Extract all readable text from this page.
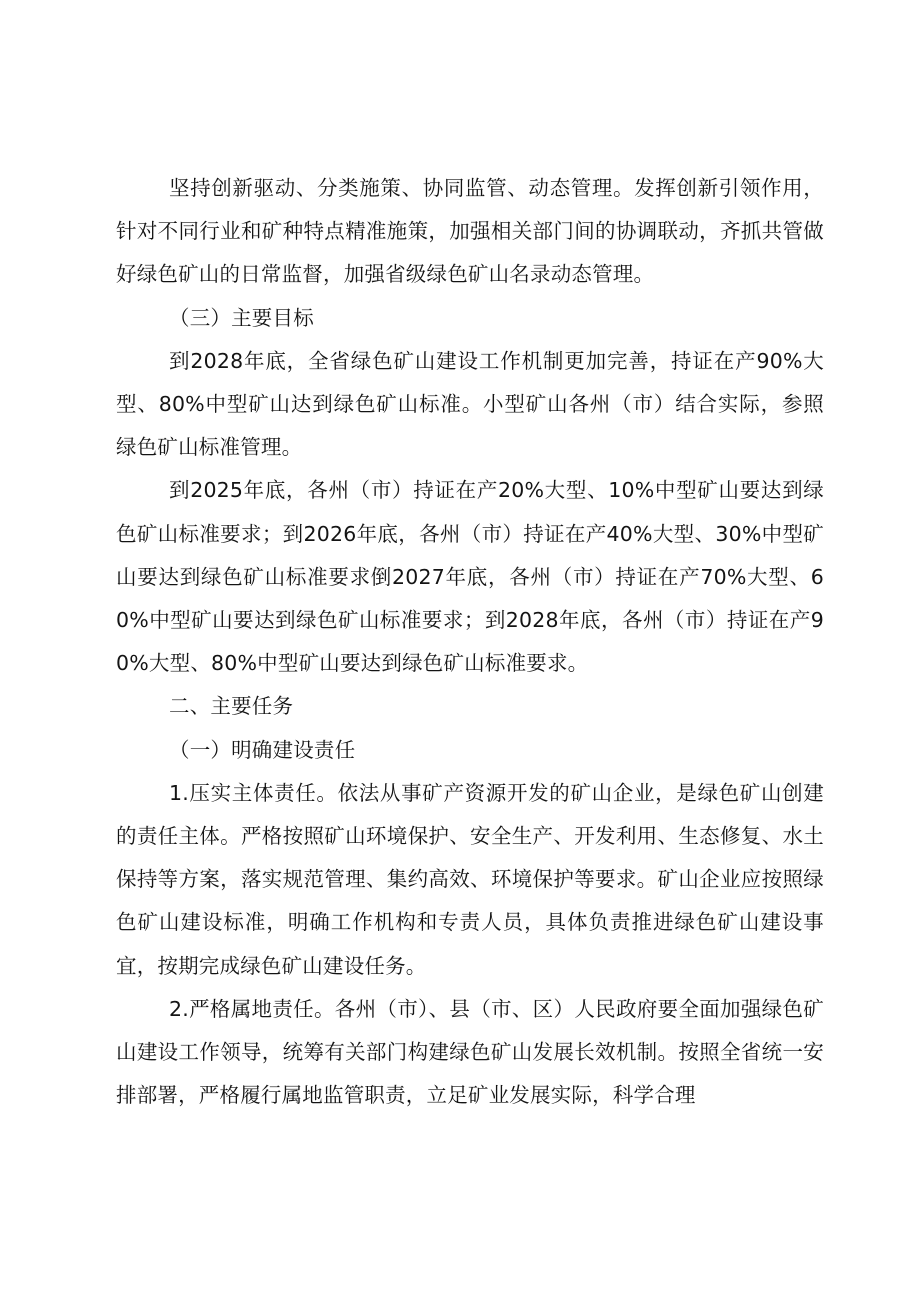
坚持创新驱动、分类施策、协同监管、动态管理。发挥创新引领作用，针对不同行业和矿种特点精准施策，加强相关部门间的协调联动，齐抓共管做好绿色矿山的日常监督，加强省级绿色矿山名录动态管理。

（三）主要目标

到2028年底，全省绿色矿山建设工作机制更加完善，持证在产90%大型、80%中型矿山达到绿色矿山标准。小型矿山各州（市）结合实际，参照绿色矿山标准管理。

到2025年底，各州（市）持证在产20%大型、10%中型矿山要达到绿色矿山标准要求；到2026年底，各州（市）持证在产40%大型、30%中型矿山要达到绿色矿山标准要求倒2027年底，各州（市）持证在产70%大型、60%中型矿山要达到绿色矿山标准要求；到2028年底，各州（市）持证在产90%大型、80%中型矿山要达到绿色矿山标准要求。

二、主要任务

（一）明确建设责任

1.压实主体责任。依法从事矿产资源开发的矿山企业，是绿色矿山创建的责任主体。严格按照矿山环境保护、安全生产、开发利用、生态修复、水土保持等方案，落实规范管理、集约高效、环境保护等要求。矿山企业应按照绿色矿山建设标准，明确工作机构和专责人员，具体负责推进绿色矿山建设事宜，按期完成绿色矿山建设任务。

2.严格属地责任。各州（市）、县（市、区）人民政府要全面加强绿色矿山建设工作领导，统筹有关部门构建绿色矿山发展长效机制。按照全省统一安排部署，严格履行属地监管职责，立足矿业发展实际，科学合理
